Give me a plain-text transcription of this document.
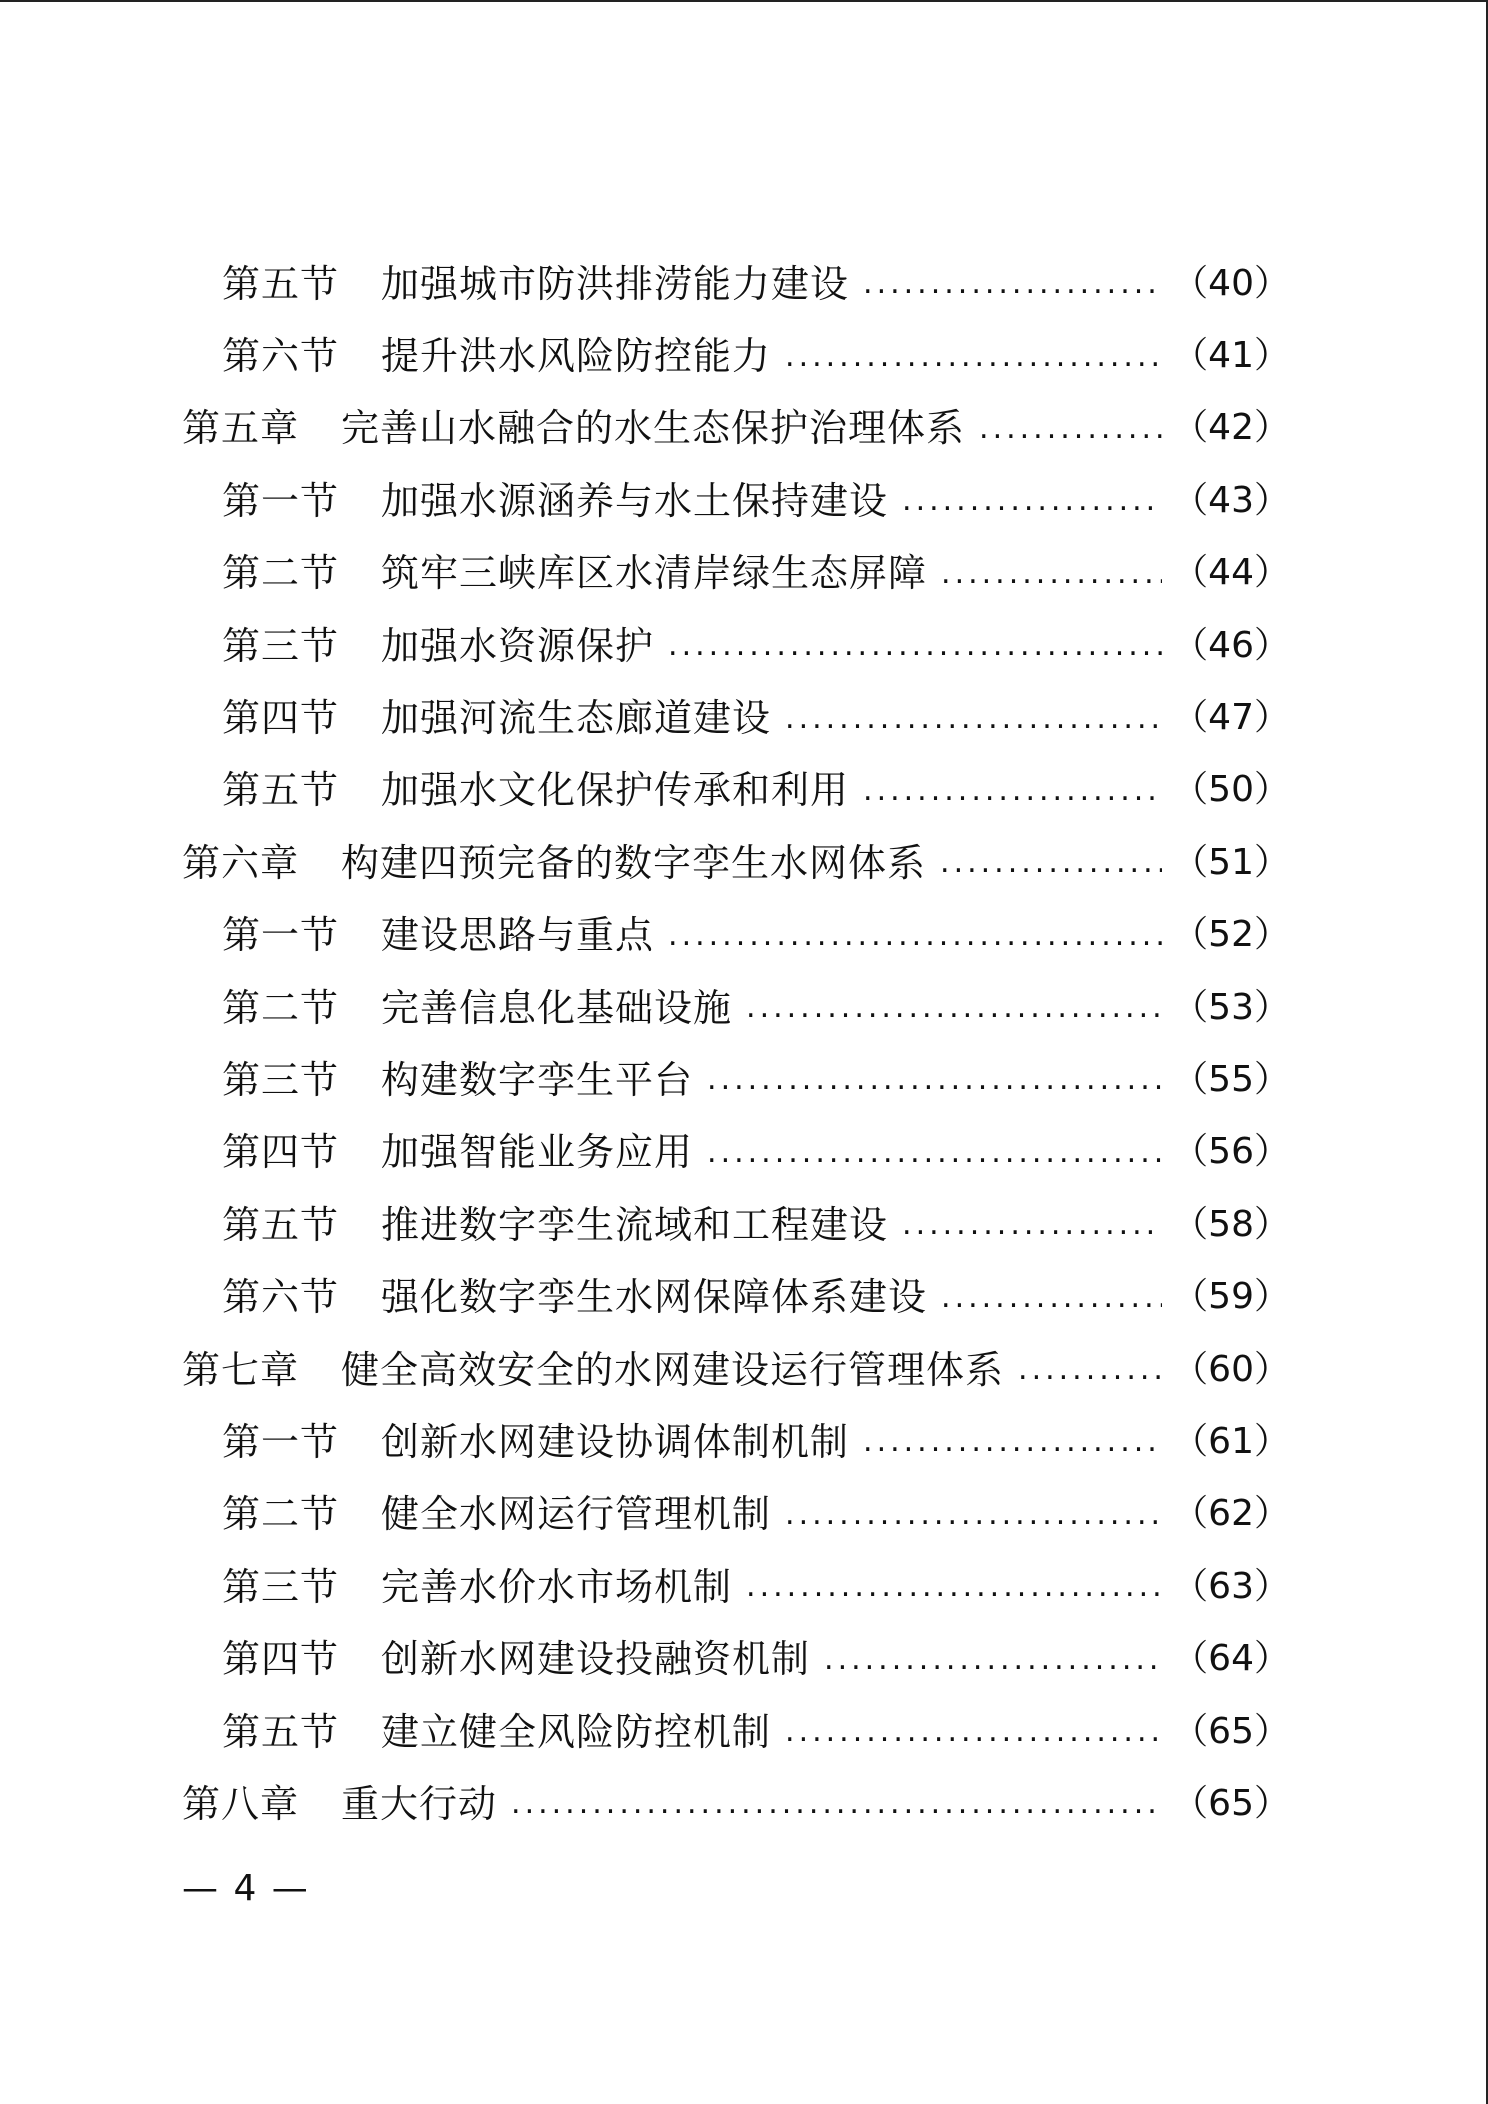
第五节 加强城市防洪排涝能力建设 .....	（40）
第六节 提升洪水风险防控能力 .....	（41）
第五章 完善山水融合的水生态保护治理体系 .....	（42）
第一节 加强水源涵养与水土保持建设 .....	（43）
第二节 筑牢三峡库区水清岸绿生态屏障 .....	（44）
第三节 加强水资源保护 .....	（46）
第四节 加强河流生态廊道建设 .....	（47）
第五节 加强水文化保护传承和利用 .....	（50）
第六章 构建四预完备的数字孪生水网体系 .....	（51）
第一节 建设思路与重点 .....	（52）
第二节 完善信息化基础设施 .....	（53）
第三节 构建数字孪生平台 .....	（55）
第四节 加强智能业务应用 .....	（56）
第五节 推进数字孪生流域和工程建设 .....	（58）
第六节 强化数字孪生水网保障体系建设 .....	（59）
第七章 健全高效安全的水网建设运行管理体系 .....	（60）
第一节 创新水网建设协调体制机制 .....	（61）
第二节 健全水网运行管理机制 .....	（62）
第三节 完善水价水市场机制 .....	（63）
第四节 创新水网建设投融资机制 .....	（64）
第五节 建立健全风险防控机制 .....	（65）
第八章 重大行动 .....	（65）
— 4 —
